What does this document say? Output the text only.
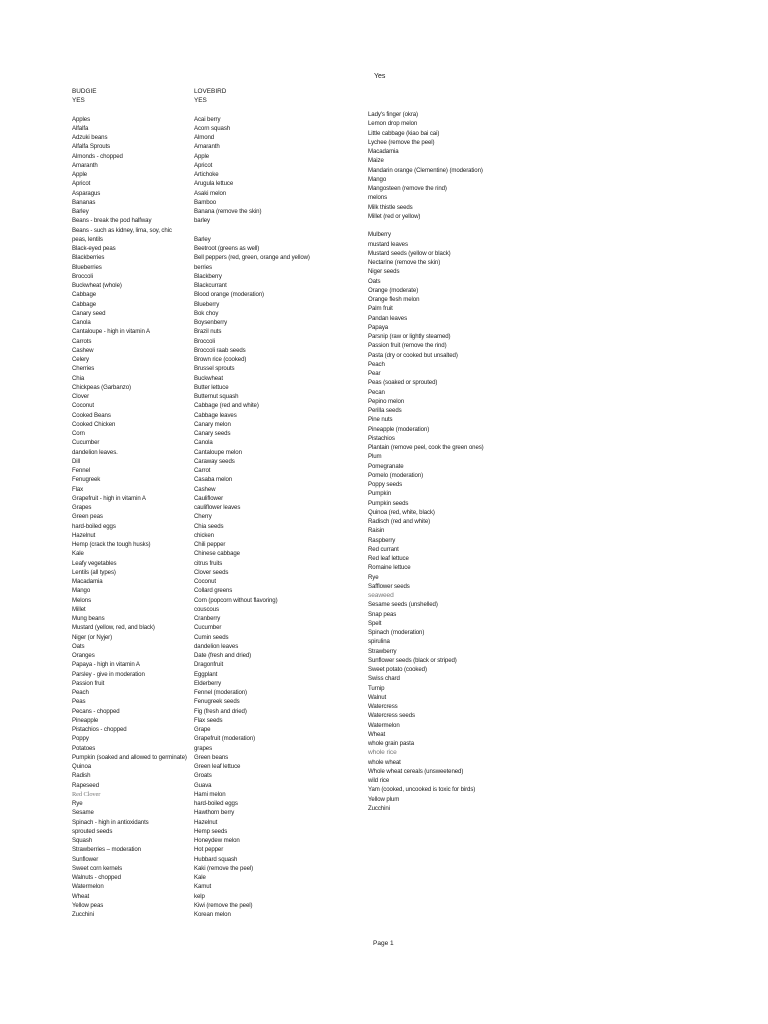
Yes
BUDGIE
YES
Apples
Alfalfa
Adzuki beans
Alfalfa Sprouts
Almonds - chopped
Amaranth
Apple
Apricot
Asparagus
Bananas
Barley
Beans - break the pod halfway
Beans - such as kidney, lima, soy, chic
peas, lentils
Black-eyed peas
Blackberries
Blueberries
Broccoli
Buckwheat (whole)
Cabbage
Cabbage
Canary seed
Canola
Cantaloupe - high in vitamin A
Carrots
Cashew
Celery
Cherries
Chia
Chickpeas (Garbanzo)
Clover
Coconut
Cooked Beans
Cooked Chicken
Corn
Cucumber
dandelion leaves.
Dill
Fennel
Fenugreek
Flax
Grapefruit - high in vitamin A
Grapes
Green peas
hard-boiled eggs
Hazelnut
Hemp (crack the tough husks)
Kale
Leafy vegetables
Lentils (all types)
Macadamia
Mango
Melons
Millet
Mung beans
Mustard (yellow, red, and black)
Niger (or Nyjer)
Oats
Oranges
Papaya - high in vitamin A
Parsley - give in moderation
Passion fruit
Peach
Peas
Pecans - chopped
Pineapple
Pistachios - chopped
Poppy
Potatoes
Pumpkin (soaked and allowed to germinate)
Quinoa
Radish
Rapeseed
Red Clover
Rye
Sesame
Spinach - high in antioxidants
sprouted seeds
Squash
Strawberries – moderation
Sunflower
Sweet corn kernels
Walnuts - chopped
Watermelon
Wheat
Yellow peas
Zucchini
LOVEBIRD
YES
Acai berry
Acorn squash
Almond
Amaranth
Apple
Apricot
Artichoke
Arugula lettuce
Asaki melon
Bamboo
Banana (remove the skin)
barley
Barley
Beetroot (greens as well)
Bell peppers (red, green, orange and yellow)
berries
Blackberry
Blackcurrant
Blood orange (moderation)
Blueberry
Bok choy
Boysenberry
Brazil nuts
Broccoli
Broccoli raab seeds
Brown rice (cooked)
Brussel sprouts
Buckwheat
Butter lettuce
Butternut squash
Cabbage (red and white)
Cabbage leaves
Canary melon
Canary seeds
Canola
Cantaloupe melon
Caraway seeds
Carrot
Casaba melon
Cashew
Cauliflower
cauliflower leaves
Cherry
Chia seeds
chicken
Chili pepper
Chinese cabbage
citrus fruits
Clover seeds
Coconut
Collard greens
Corn (popcorn without flavoring)
couscous
Cranberry
Cucumber
Cumin seeds
dandelion leaves
Date (fresh and dried)
Dragonfruit
Eggplant
Elderberry
Fennel (moderation)
Fenugreek seeds
Fig (fresh and dried)
Flax seeds
Grape
Grapefruit (moderation)
grapes
Green beans
Green leaf lettuce
Groats
Guava
Hami melon
hard-boiled eggs
Hawthorn berry
Hazelnut
Hemp seeds
Honeydew melon
Hot pepper
Hubbard squash
Kaki (remove the peel)
Kale
Kamut
kelp
Kiwi (remove the peel)
Korean melon
Lady's finger (okra)
Lemon drop melon
Little cabbage (kiao bai cai)
Lychee (remove the peel)
Macadamia
Maize
Mandarin orange (Clementine) (moderation)
Mango
Mangosteen (remove the rind)
melons
Milk thistle seeds
Millet (red or yellow)
Mulberry
mustard leaves
Mustard seeds (yellow or black)
Nectarine (remove the skin)
Niger seeds
Oats
Orange (moderate)
Orange flesh melon
Palm fruit
Pandan leaves
Papaya
Parsnip (raw or lightly steamed)
Passion fruit (remove the rind)
Pasta (dry or cooked but unsalted)
Peach
Pear
Peas (soaked or sprouted)
Pecan
Pepino melon
Perilla seeds
Pine nuts
Pineapple (moderation)
Pistachios
Plantain (remove peel, cook the green ones)
Plum
Pomegranate
Pomelo (moderation)
Poppy seeds
Pumpkin
Pumpkin seeds
Quinoa (red, white, black)
Radisch (red and white)
Raisin
Raspberry
Red currant
Red leaf lettuce
Romaine lettuce
Rye
Safflower seeds
seaweed
Sesame seeds (unshelled)
Snap peas
Spelt
Spinach (moderation)
spirulina
Strawberry
Sunflower seeds (black or striped)
Sweet potato (cooked)
Swiss chard
Turnip
Walnut
Watercress
Watercress seeds
Watermelon
Wheat
whole grain pasta
whole rice
whole wheat
Whole wheat cereals (unsweetened)
wild rice
Yam (cooked, uncooked is toxic for birds)
Yellow plum
Zucchini
Page 1
